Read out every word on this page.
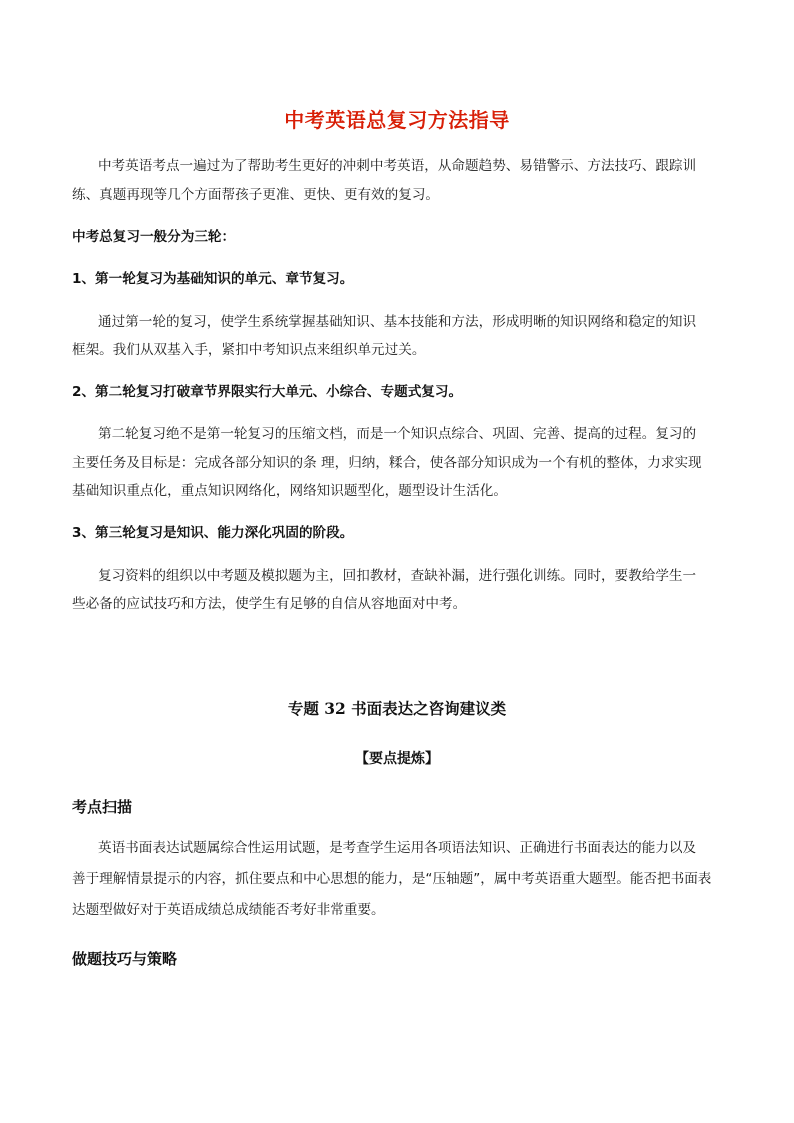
中考英语总复习方法指导
中考英语考点一遍过为了帮助考生更好的冲刺中考英语，从命题趋势、易错警示、方法技巧、跟踪训
练、真题再现等几个方面帮孩子更准、更快、更有效的复习。
中考总复习一般分为三轮：
1、第一轮复习为基础知识的单元、章节复习。
通过第一轮的复习，使学生系统掌握基础知识、基本技能和方法，形成明晰的知识网络和稳定的知识
框架。我们从双基入手，紧扣中考知识点来组织单元过关。
2、第二轮复习打破章节界限实行大单元、小综合、专题式复习。
第二轮复习绝不是第一轮复习的压缩文档，而是一个知识点综合、巩固、完善、提高的过程。复习的
主要任务及目标是：完成各部分知识的条 理，归纳，糅合，使各部分知识成为一个有机的整体，力求实现
基础知识重点化，重点知识网络化，网络知识题型化，题型设计生活化。
3、第三轮复习是知识、能力深化巩固的阶段。
复习资料的组织以中考题及模拟题为主，回扣教材，查缺补漏，进行强化训练。同时，要教给学生一
些必备的应试技巧和方法，使学生有足够的自信从容地面对中考。
专题 32 书面表达之咨询建议类
【要点提炼】
考点扫描
英语书面表达试题属综合性运用试题，是考查学生运用各项语法知识、正确进行书面表达的能力以及
善于理解情景提示的内容，抓住要点和中心思想的能力，是“压轴题”，属中考英语重大题型。能否把书面表
达题型做好对于英语成绩总成绩能否考好非常重要。
做题技巧与策略
